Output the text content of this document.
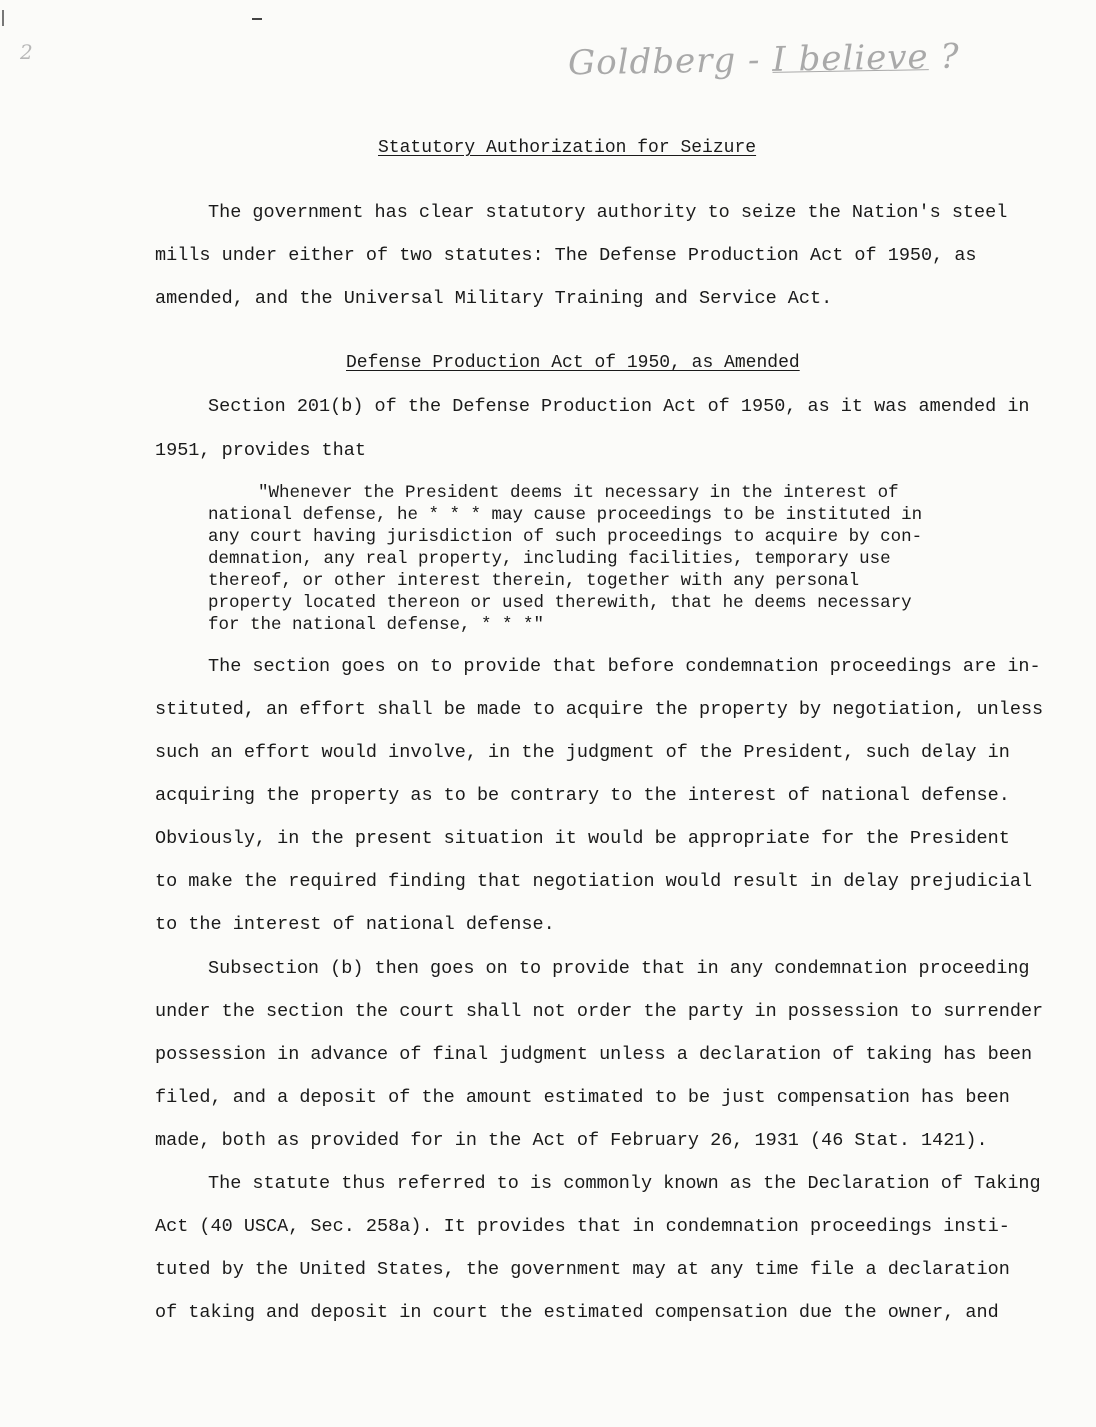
2	Goldberg - I believe ?
Statutory Authorization for Seizure
The government has clear statutory authority to seize the Nation's steel
mills under either of two statutes: The Defense Production Act of 1950, as
amended, and the Universal Military Training and Service Act.
Defense Production Act of 1950, as Amended
Section 201(b) of the Defense Production Act of 1950, as it was amended in
1951, provides that
"Whenever the President deems it necessary in the interest of
national defense, he * * * may cause proceedings to be instituted in
any court having jurisdiction of such proceedings to acquire by con-
demnation, any real property, including facilities, temporary use
thereof, or other interest therein, together with any personal
property located thereon or used therewith, that he deems necessary
for the national defense, * * *"
The section goes on to provide that before condemnation proceedings are in-
stituted, an effort shall be made to acquire the property by negotiation, unless
such an effort would involve, in the judgment of the President, such delay in
acquiring the property as to be contrary to the interest of national defense.
Obviously, in the present situation it would be appropriate for the President
to make the required finding that negotiation would result in delay prejudicial
to the interest of national defense.
Subsection (b) then goes on to provide that in any condemnation proceeding
under the section the court shall not order the party in possession to surrender
possession in advance of final judgment unless a declaration of taking has been
filed, and a deposit of the amount estimated to be just compensation has been
made, both as provided for in the Act of February 26, 1931 (46 Stat. 1421).
The statute thus referred to is commonly known as the Declaration of Taking
Act (40 USCA, Sec. 258a). It provides that in condemnation proceedings insti-
tuted by the United States, the government may at any time file a declaration
of taking and deposit in court the estimated compensation due the owner, and
